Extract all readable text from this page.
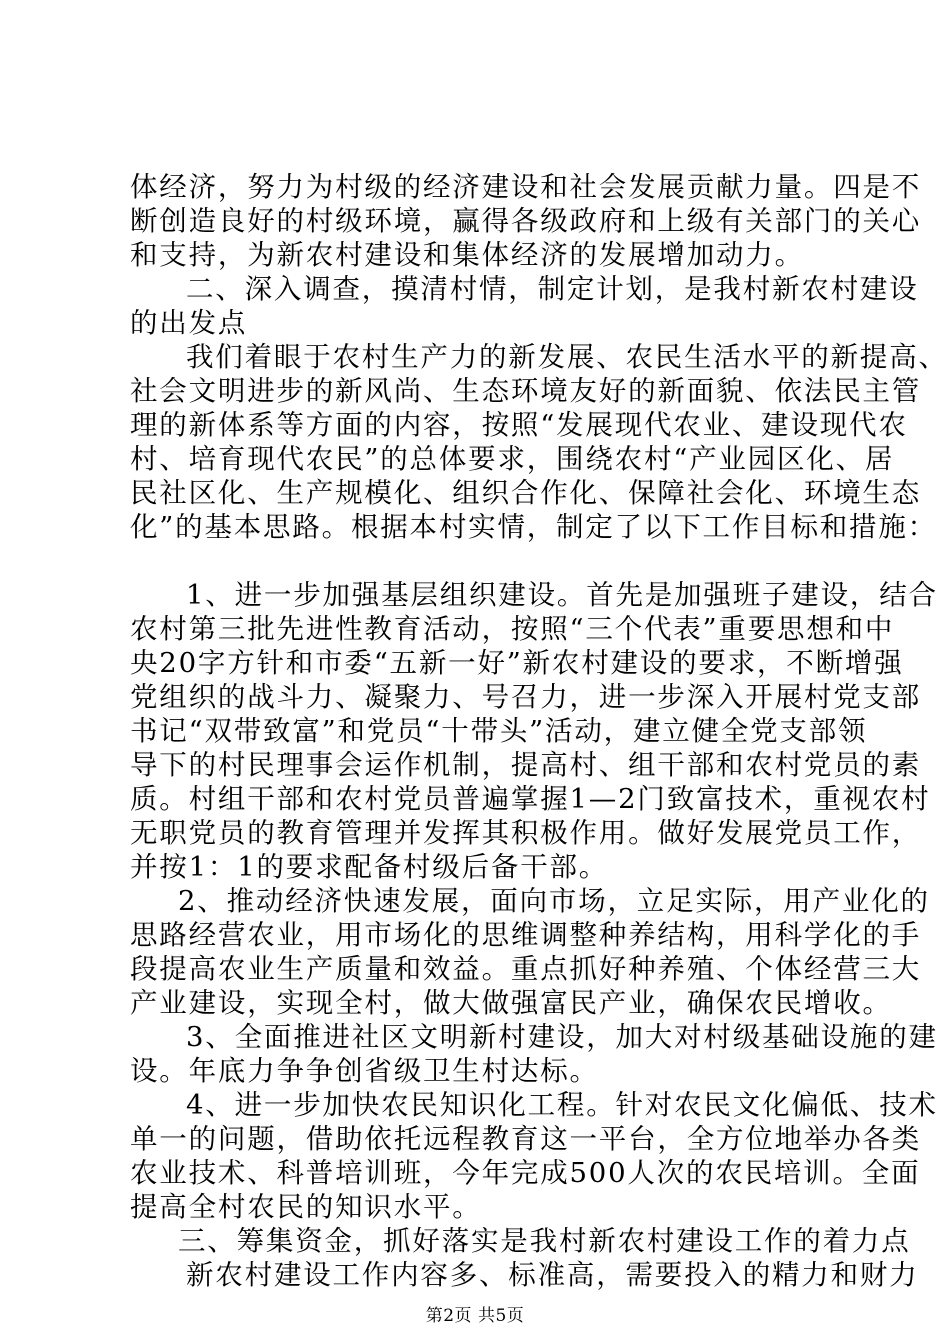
体经济，努力为村级的经济建设和社会发展贡献力量。四是不
断创造良好的村级环境，赢得各级政府和上级有关部门的关心
和支持，为新农村建设和集体经济的发展增加动力。
二、深入调查，摸清村情，制定计划，是我村新农村建设
的出发点
我们着眼于农村生产力的新发展、农民生活水平的新提高、
社会文明进步的新风尚、生态环境友好的新面貌、依法民主管
理的新体系等方面的内容，按照“发展现代农业、建设现代农
村、培育现代农民”的总体要求，围绕农村“产业园区化、居
民社区化、生产规模化、组织合作化、保障社会化、环境生态
化”的基本思路。根据本村实情，制定了以下工作目标和措施：
1、进一步加强基层组织建设。首先是加强班子建设，结合
农村第三批先进性教育活动，按照“三个代表”重要思想和中
央20字方针和市委“五新一好”新农村建设的要求，不断增强
党组织的战斗力、凝聚力、号召力，进一步深入开展村党支部
书记“双带致富”和党员“十带头”活动，建立健全党支部领
导下的村民理事会运作机制，提高村、组干部和农村党员的素
质。村组干部和农村党员普遍掌握1—2门致富技术，重视农村
无职党员的教育管理并发挥其积极作用。做好发展党员工作，
并按1：1的要求配备村级后备干部。
2、推动经济快速发展，面向市场，立足实际，用产业化的
思路经营农业，用市场化的思维调整种养结构，用科学化的手
段提高农业生产质量和效益。重点抓好种养殖、个体经营三大
产业建设，实现全村，做大做强富民产业，确保农民增收。
3、全面推进社区文明新村建设，加大对村级基础设施的建
设。年底力争争创省级卫生村达标。
4、进一步加快农民知识化工程。针对农民文化偏低、技术
单一的问题，借助依托远程教育这一平台，全方位地举办各类
农业技术、科普培训班，今年完成500人次的农民培训。全面
提高全村农民的知识水平。
三、筹集资金，抓好落实是我村新农村建设工作的着力点
新农村建设工作内容多、标准高，需要投入的精力和财力
第2页 共5页
